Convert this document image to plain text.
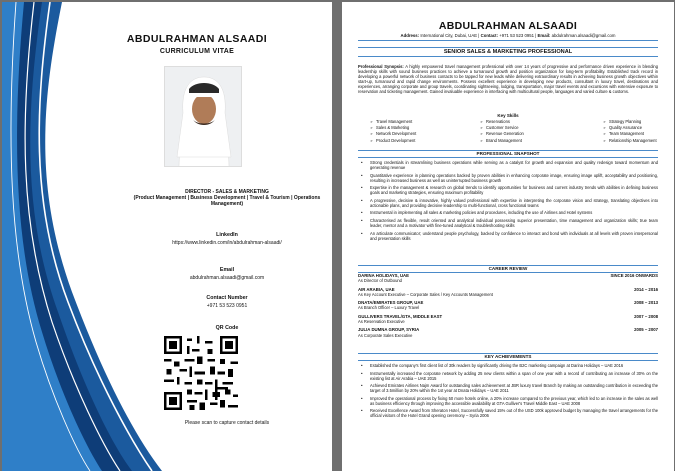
ABDULRAHMAN ALSAADI
CURRICULUM VITAE
DIRECTOR - SALES & MARKETING
(Product Management | Business Development | Travel & Tourism | Operations Management)
LinkedIn
https://www.linkedin.com/in/abdulrahman-alsaadi/
Email
abdulrahman.alsaadi@gmail.com
Contact Number
+971 53 523 0951
QR Code
Please scan to capture contact details
ABDULRAHMAN ALSAADI
Address: International City, Dubai, UAE | Contact: +971 53 523 0951 | Email: abdulrahman.alsaadi@gmail.com
SENIOR SALES & MARKETING PROFESSIONAL
Professional Synopsis: A highly empowered travel management professional with over 14 years of progressive and performance driven experience in blending leadership skills with sound business practices to achieve a turnaround growth and position organization for long-term profitability. Established track record in developing a powerful network of business contacts to be tapped for new leads while delivering extraordinary results in achieving business growth objectives within start-up, turnaround and rapid change environments. Possess excellent experience in developing new products, consultant in luxury travel, destinations and experiences, arranging corporate and group travels, coordinating sightseeing, lodging, transportation, major travel events and excursions with extensive exposure to reservation and ticketing management. Gained invaluable experience in interfacing with multicultural people, languages and varied culture & customs.
Key Skills
➢ Travel Management	➢ Reservations	➢ Strategy Planning
➢ Sales & Marketing	➢ Customer Service	➢ Quality Assurance
➢ Network Development	➢ Revenue Generation	➢ Team Management
➢ Product Development	➢ Brand Management	➢ Relationship Management
PROFESSIONAL SNAPSHOT
• Strong credentials in streamlining business operations while serving as a catalyst for growth and expansion and quality redesign toward momentum and generating revenue
• Quantitative experience in planning operations backed by proven abilities in enhancing corporate image, ensuring image uplift, acceptability and positioning, resulting in increased business as well as uninterrupted business growth
• Expertise in the management & research on global trends to identify opportunities for business and current industry trends with abilities in defining business goals and marketing strategies, ensuring maximum profitability
• A progressive, decisive & innovative, highly valued professional with expertise in interpreting the corporate vision and strategy, translating objectives into actionable plans, and providing decisive leadership to multi-functional, cross functional teams
• Instrumental in implementing all sales & marketing policies and procedures, including the use of Airlines and Hotel systems
• Characterised as flexible, result oriented and analytical individual possessing superior presentation, time management and organization skills; true team leader, mentor and a motivator with fine-tuned analytical & troubleshooting skills
• An articulate communicator; understand people psychology, backed by confidence to interact and bond with individuals at all levels with proven interpersonal and presentation skills
CAREER REVIEW
DARINA HOLIDAYS, UAE	SINCE 2016 ONWARDS
As Director of Outbound
AIR ARABIA, UAE	2014 – 2016
As Key Account Executive – Corporate Sales / Key Accounts Management
DNATA/EMIRATES GROUP, UAE	2008 – 2013
As Branch Officer – Luxury Travel
GULLIVERS TRAVEL/GTA, MIDDLE EAST	2007 – 2008
As Reservation Executive
JULIA DUMNA GROUP, SYRIA	2005 – 2007
As Corporate Sales Executive
KEY ACHIEVEMENTS
• Established the company's first client list of 30k readers by significantly driving the B2C marketing campaign at Darina Holidays – UAE 2016
• Instrumentally increased the corporate network by adding 25 new clients within a span of one year with a record of contributing an increase of 30% on the existing list at Air Arabia – UAE 2015
• Achieved Emirates Airlines Najm Award for outstanding sales achievement at JBR luxury travel Branch by making an outstanding contribution in exceeding the target of 3.5million by 20% within the 1st year at Dnata Holidays – UAE 2011
• Improved the operational process by fixing 50 more hotels online, a 20% increase compared to the previous year, which led to an increase in the sales as well as business efficiency through improving the accessible availability at GTA Gulliver's Travel Middle East – UAE 2008
• Received Excellence Award from Sheraton Hotel, Successfully saved 15% out of the USD 100k approved budget by managing the travel arrangements for the official visitors of the Hotel Grand opening ceremony – Syria 2006
